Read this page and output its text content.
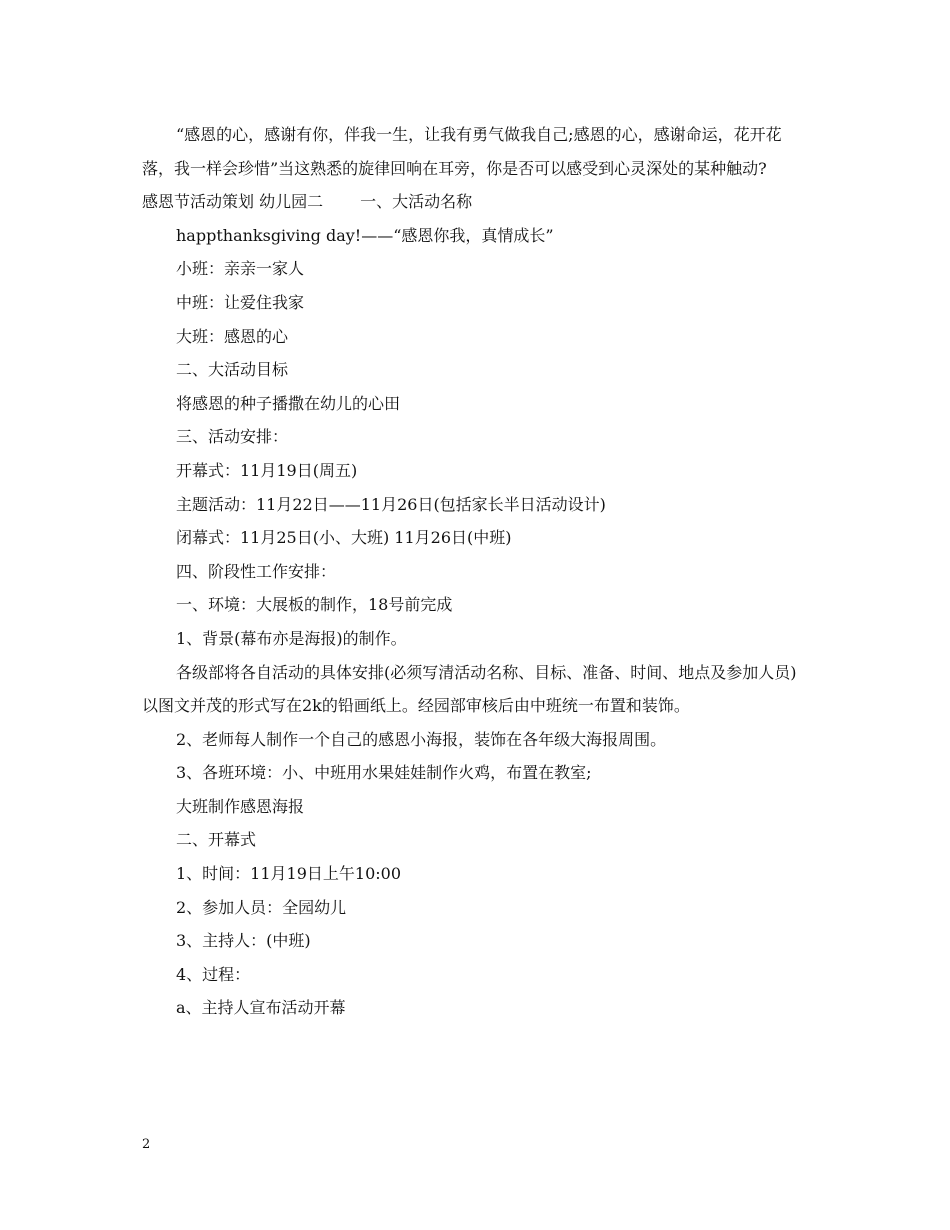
“感恩的心，感谢有你，伴我一生，让我有勇气做我自己;感恩的心，感谢命运，花开花落，我一样会珍惜”当这熟悉的旋律回响在耳旁，你是否可以感受到心灵深处的某种触动?

感恩节活动策划 幼儿园二　　 一、大活动名称

happthanksgiving day!——“感恩你我，真情成长”

小班：亲亲一家人

中班：让爱住我家

大班：感恩的心

二、大活动目标

将感恩的种子播撒在幼儿的心田

三、活动安排：

开幕式：11月19日(周五)

主题活动：11月22日——11月26日(包括家长半日活动设计)

闭幕式：11月25日(小、大班) 11月26日(中班)

四、阶段性工作安排：

一、环境：大展板的制作，18号前完成

1、背景(幕布亦是海报)的制作。

各级部将各自活动的具体安排(必须写清活动名称、目标、准备、时间、地点及参加人员)以图文并茂的形式写在2k的铅画纸上。经园部审核后由中班统一布置和装饰。

2、老师每人制作一个自己的感恩小海报，装饰在各年级大海报周围。

3、各班环境：小、中班用水果娃娃制作火鸡，布置在教室;

大班制作感恩海报

二、开幕式

1、时间：11月19日上午10:00

2、参加人员：全园幼儿

3、主持人：(中班)

4、过程：

a、主持人宣布活动开幕

2
